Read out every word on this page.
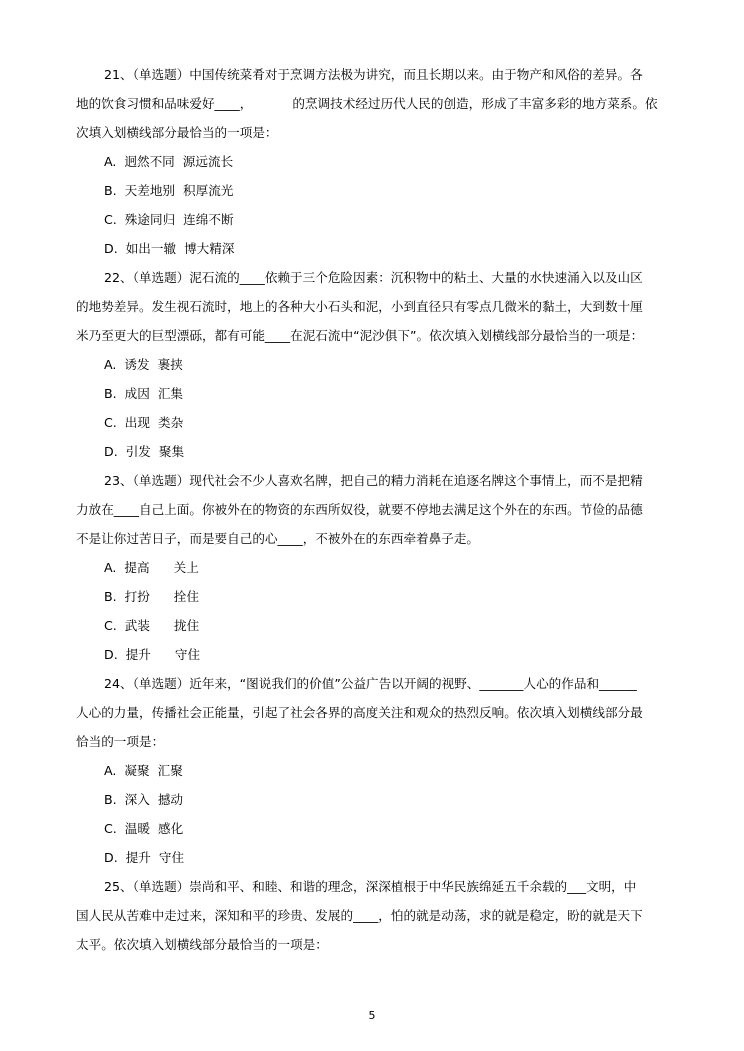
21、（单选题）中国传统菜肴对于烹调方法极为讲究，而且长期以来。由于物产和风俗的差异。各
地的饮食习惯和品味爱好____，          的烹调技术经过历代人民的创造，形成了丰富多彩的地方菜系。依
次填入划横线部分最恰当的一项是：
A.  迥然不同  源远流长
B.  天差地别  积厚流光
C.  殊途同归  连绵不断
D.  如出一辙  博大精深
22、（单选题）泥石流的____依赖于三个危险因素：沉积物中的粘土、大量的水快速涌入以及山区
的地势差异。发生视石流时，地上的各种大小石头和泥，小到直径只有零点几微米的黏土，大到数十厘
米乃至更大的巨型漂砾，都有可能____在泥石流中“泥沙俱下”。依次填入划横线部分最恰当的一项是：
A.  诱发  裹挟
B.  成因  汇集
C.  出现  类杂
D.  引发  聚集
23、（单选题）现代社会不少人喜欢名牌，把自己的精力消耗在追逐名牌这个事情上，而不是把精
力放在____自己上面。你被外在的物资的东西所奴役，就要不停地去满足这个外在的东西。节俭的品德
不是让你过苦日子，而是要自己的心____，不被外在的东西牵着鼻子走。
A.  提高      关上
B.  打扮      拴住
C.  武装      拢住
D.  提升      守住
24、（单选题）近年来，“图说我们的价值”公益广告以开阔的视野、_______人心的作品和______
人心的力量，传播社会正能量，引起了社会各界的高度关注和观众的热烈反响。依次填入划横线部分最
恰当的一项是：
A.  凝聚  汇聚
B.  深入  撼动
C.  温暖  感化
D.  提升  守住
25、（单选题）崇尚和平、和睦、和谐的理念，深深植根于中华民族绵延五千余载的___文明，中
国人民从苦难中走过来，深知和平的珍贵、发展的____，怕的就是动荡，求的就是稳定，盼的就是天下
太平。依次填入划横线部分最恰当的一项是：
5
